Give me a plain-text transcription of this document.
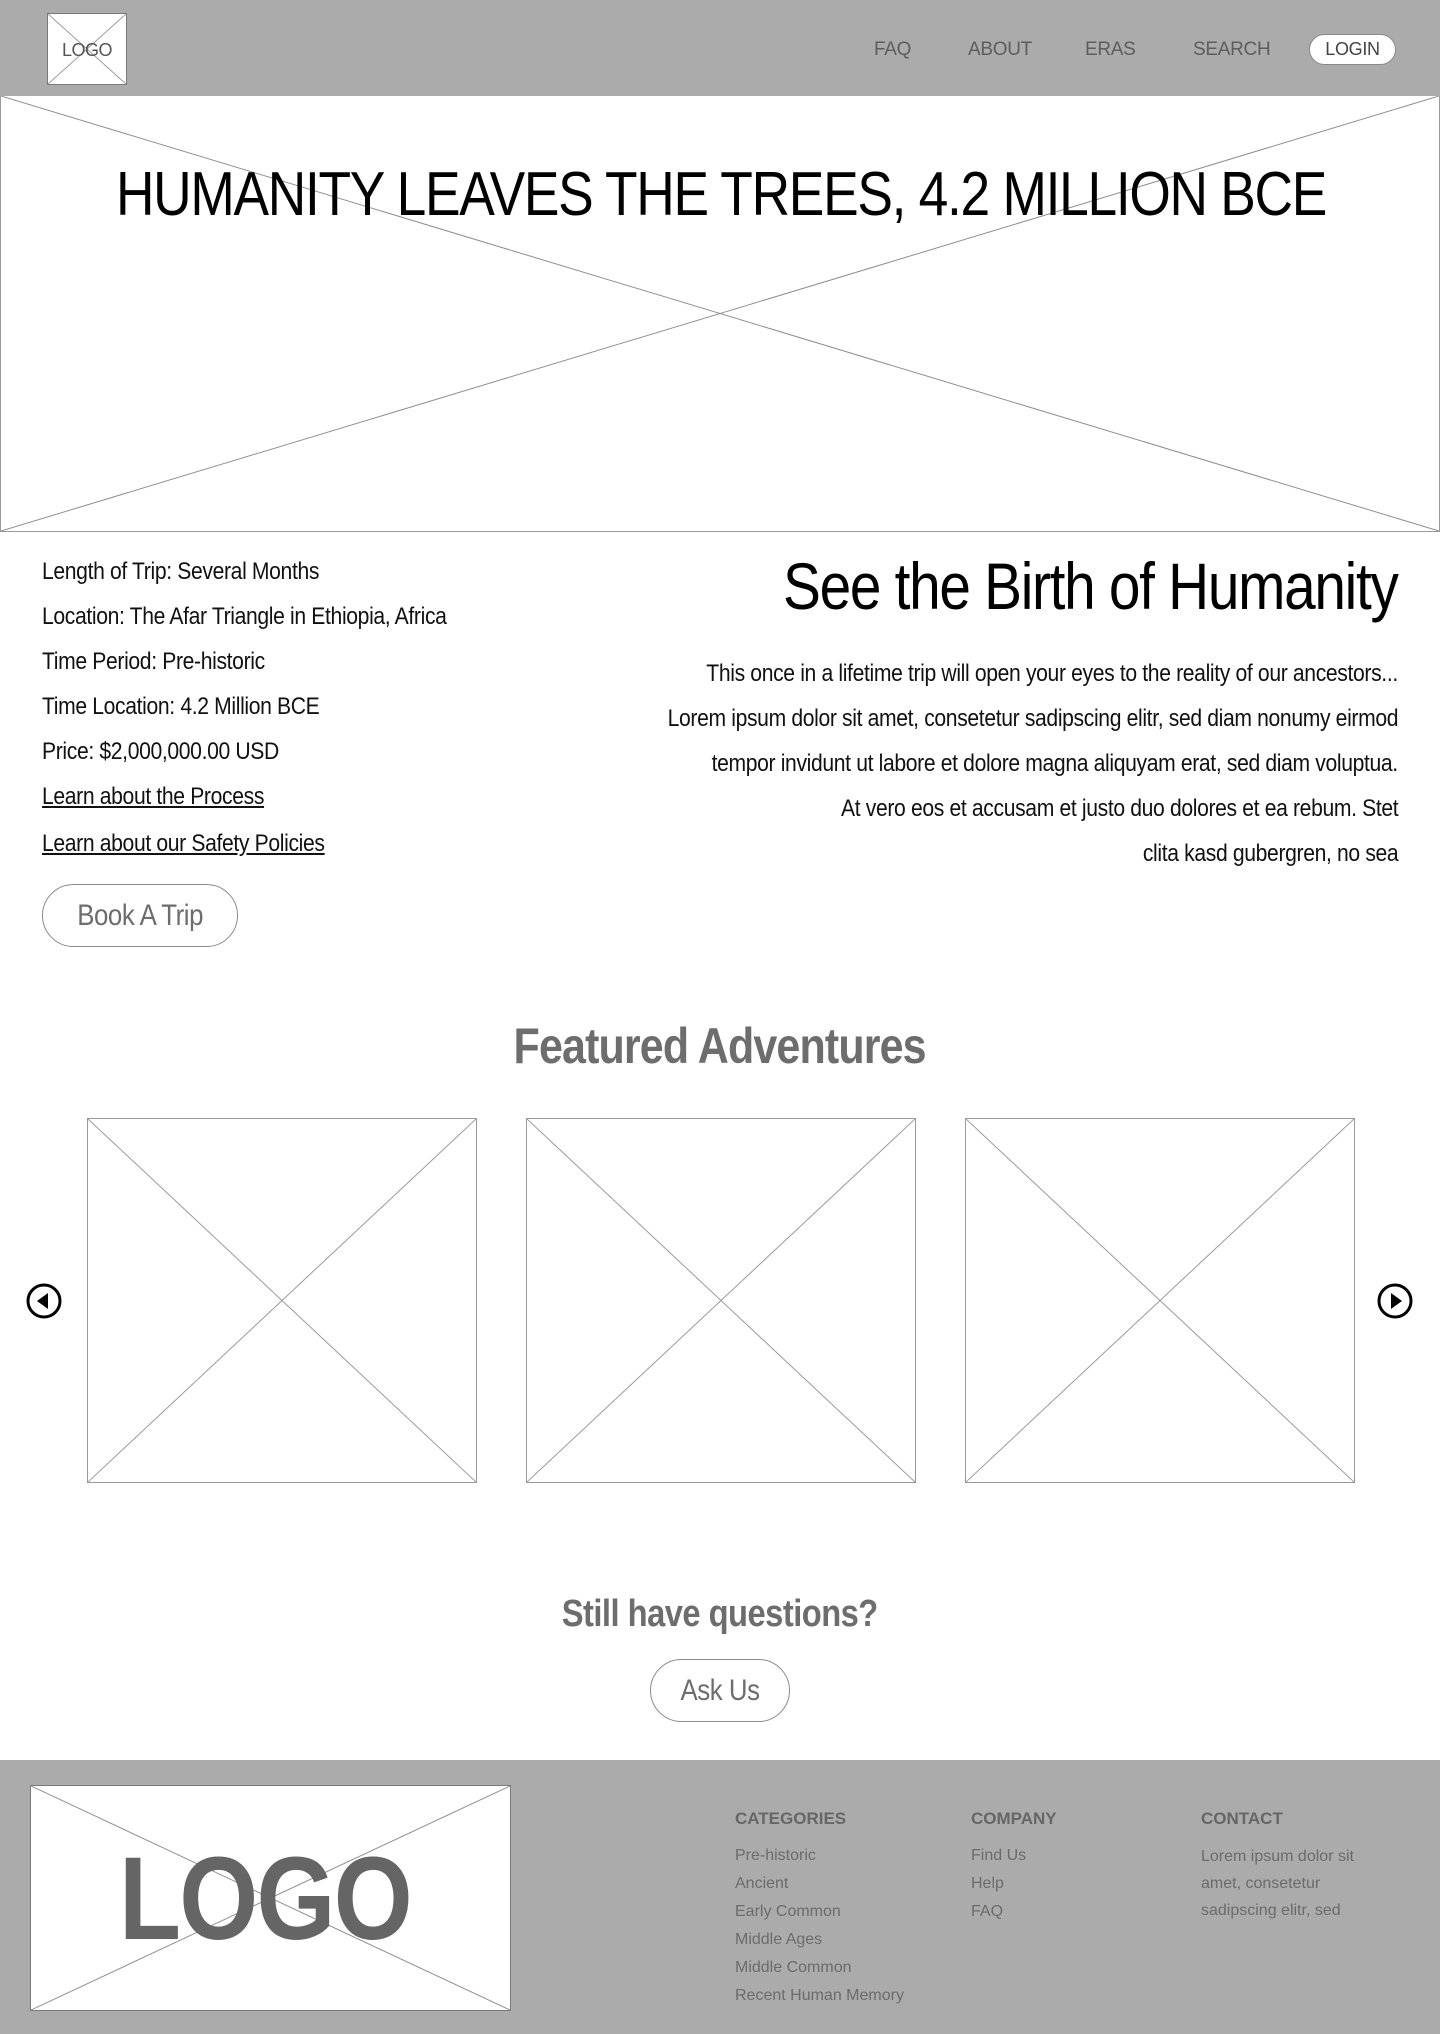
LOGO	FAQ	ABOUT	ERAS	SEARCH	LOGIN
HUMANITY LEAVES THE TREES, 4.2 MILLION BCE
Length of Trip: Several Months
Location: The Afar Triangle in Ethiopia, Africa
Time Period: Pre-historic
Time Location: 4.2 Million BCE
Price: $2,000,000.00 USD
Learn about the Process
Learn about our Safety Policies
Book A Trip
See the Birth of Humanity
This once in a lifetime trip will open your eyes to the reality of our ancestors...
Lorem ipsum dolor sit amet, consetetur sadipscing elitr, sed diam nonumy eirmod
tempor invidunt ut labore et dolore magna aliquyam erat, sed diam voluptua.
At vero eos et accusam et justo duo dolores et ea rebum. Stet
clita kasd gubergren, no sea
Featured Adventures
Still have questions?
Ask Us
LOGO
CATEGORIES
Pre-historic
Ancient
Early Common
Middle Ages
Middle Common
Recent Human Memory
COMPANY
Find Us
Help
FAQ
CONTACT
Lorem ipsum dolor sit amet, consetetur sadipscing elitr, sed
